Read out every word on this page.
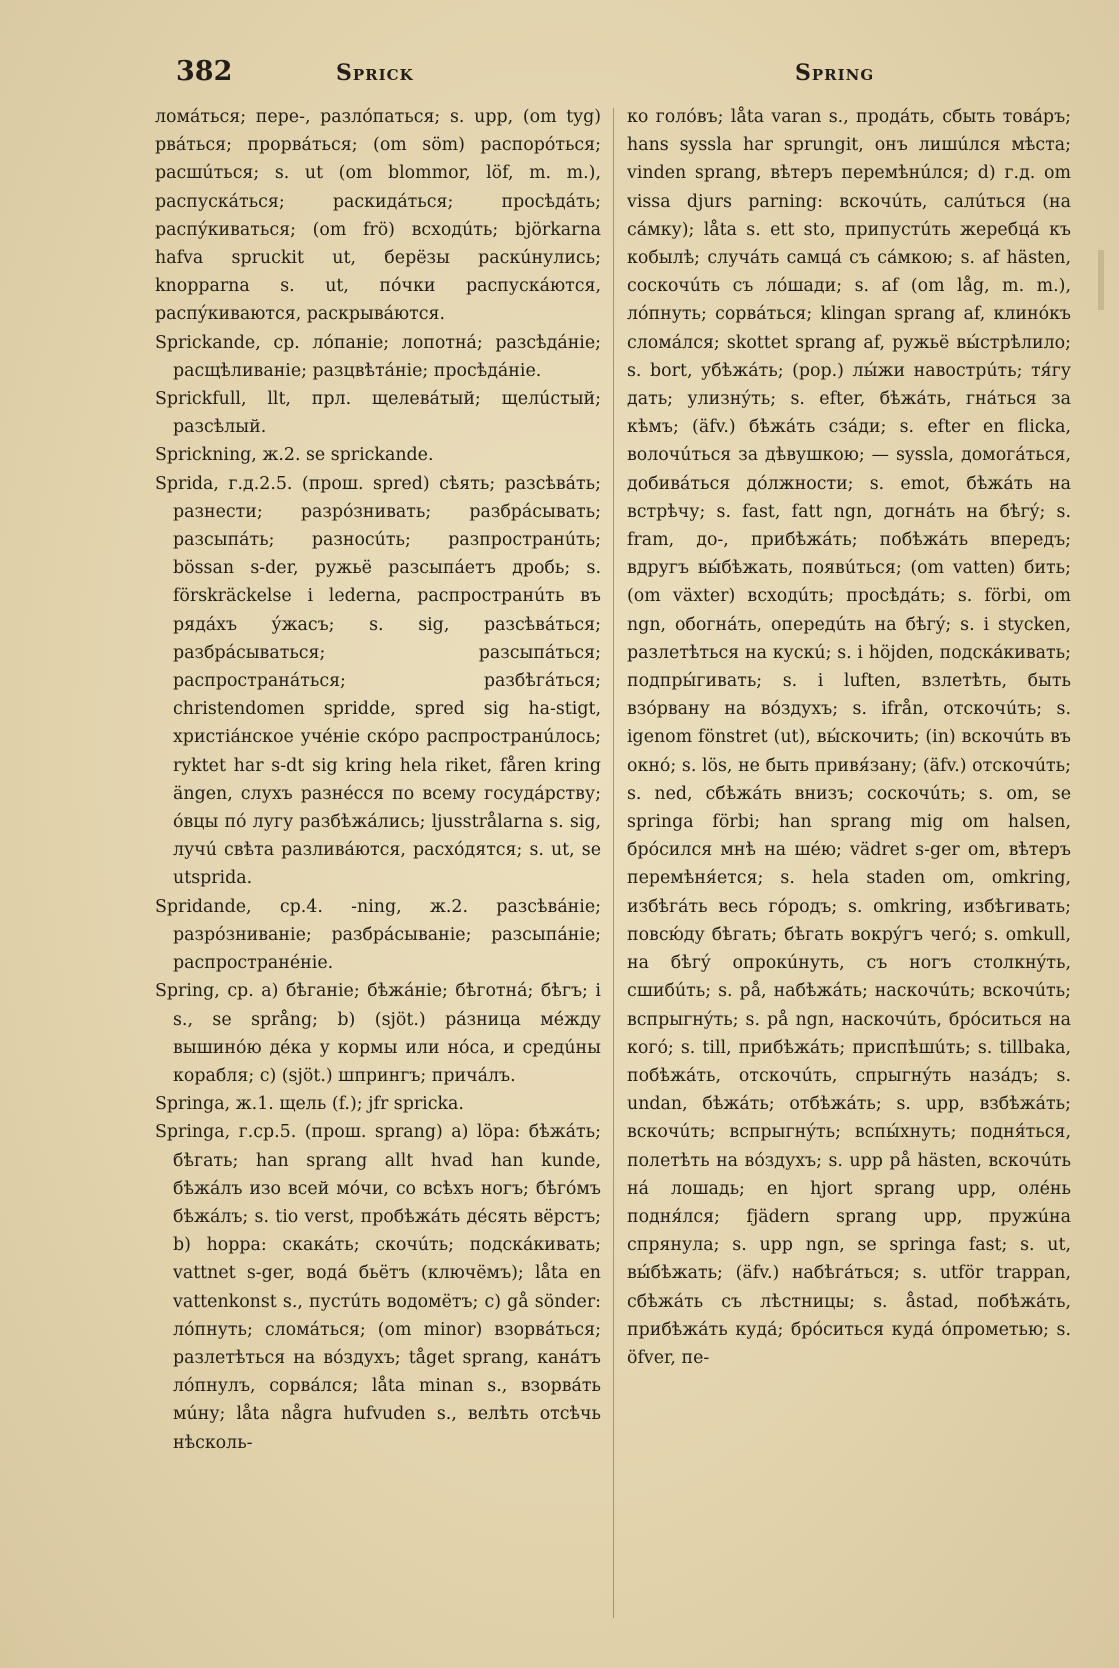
382	Sprick	Spring

ломáться; пере-, разлóпаться; s. upp, (om tyg) рвáться; прорвáться; (om söm) распорóться; расшúться; s. ut (om blommor, löf, m. m.), распускáться; раскидáться; просѣдáть; распýкиваться; (om frö) всходúть; björkarna hafva spruckit ut, берёзы раскúнулись; knopparna s. ut, пóчки распускáются, распýкиваются, раскрывáются.

Sprickande, ср. лóпаніе; лопотнá; разсѣдáніе; расщѣливаніе; разцвѣтáніе; просѣдáніе.

Sprickfull, llt, прл. щелевáтый; щелúстый; разсѣлый.

Sprickning, ж.2. se sprickande.

Sprida, г.д.2.5. (прош. spred) сѣять; разсѣвáть; разнести; разрóзнивать; разбрáсывать; разсыпáть; разносúть; разпространúть; bössan s-der, ружьё разсыпáетъ дробь; s. förskräckelse i lederna, распространúть въ рядáхъ ýжасъ; s. sig, разсѣвáться; разбрáсываться; разсыпáться; распространáться; разбѣгáться; christendomen spridde, spred sig ha-stigt, христiáнское учéніе скóро распространúлось; ryktet har s-dt sig kring hela riket, fåren kring ängen, слухъ разнéсся по всему госудáрству; óвцы пó лугу разбѣжáлись; ljusstrålarna s. sig, лучú свѣта разливáются, расхóдятся; s. ut, se utsprida.

Spridande, ср.4. -ning, ж.2. разсѣвáніе; разрóзниваніе; разбрáсываніе; разсыпáніе; распространéніе.

Spring, ср. a) бѣганіе; бѣжáніе; бѣготнá; бѣгъ; i s., se språng; b) (sjöt.) рáзница мéжду вышинóю дéка у кормы или нóса, и средúны корабля; c) (sjöt.) шпрингъ; причáлъ.

Springa, ж.1. щель (f.); jfr spricka.

Springa, г.ср.5. (прош. sprang) a) löpa: бѣжáть; бѣгать; han sprang allt hvad han kunde, бѣжáлъ изо всей мóчи, со всѣхъ ногъ; бѣгóмъ бѣжáлъ; s. tio verst, пробѣжáть дéсять вёрстъ; b) hoppa: скакáть; скочúть; подскáкивать; vattnet s-ger, водá бьётъ (ключёмъ); låta en vattenkonst s., пустúть водомётъ; c) gå sönder: лóпнуть; сломáться; (om minor) взорвáться; разлетѣться на вóздухъ; tåget sprang, канáтъ лóпнулъ, сорвáлся; låta minan s., взорвáть мúну; låta några hufvuden s., велѣть отсѣчь нѣсколь-

ко голóвъ; låta varan s., продáть, сбыть товáръ; hans syssla har sprungit, онъ лишúлся мѣста; vinden sprang, вѣтеръ перемѣнúлся; d) г.д. om vissa djurs parning: вскочúть, салúться (на сáмку); låta s. ett sto, припустúть жеребцá къ кобылѣ; случáть самцá съ сáмкою; s. af hästen, соскочúть съ лóшади; s. af (om låg, m. m.), лóпнуть; сорвáться; klingan sprang af, клинóкъ сломáлся; skottet sprang af, ружьё вы́стрѣлило; s. bort, убѣжáть; (pop.) лы́жи навострúть; тя́гу дать; улизнýть; s. efter, бѣжáть, гнáться за кѣмъ; (äfv.) бѣжáть сзáди; s. efter en flicka, волочúться за дѣвушкою; — syssla, домогáться, добивáться дóлжности; s. emot, бѣжáть на встрѣчу; s. fast, fatt ngn, догнáть на бѣгý; s. fram, до-, прибѣжáть; побѣжáть впередъ; вдругъ вы́бѣжать, появúться; (om vatten) бить; (om växter) всходúть; просѣдáть; s. förbi, om ngn, обогнáть, опередúть на бѣгý; s. i stycken, разлетѣться на кускú; s. i höjden, подскáкивать; подпры́гивать; s. i luften, взлетѣть, быть взóрвану на вóздухъ; s. ifrån, отскочúть; s. igenom fönstret (ut), вы́скочить; (in) вскочúть въ окнó; s. lös, не быть привя́зану; (äfv.) отскочúть; s. ned, сбѣжáть внизъ; соскочúть; s. om, se springa förbi; han sprang mig om halsen, брóсился мнѣ на шéю; vädret s-ger om, вѣтеръ перемѣня́ется; s. hela staden om, omkring, избѣгáть весь гóродъ; s. omkring, избѣгивать; повсю́ду бѣгать; бѣгать вокрýгъ чегó; s. omkull, на бѣгý опрокúнуть, съ ногъ столкнýть, сшибúть; s. på, набѣжáть; наскочúть; вскочúть; вспрыгнýть; s. på ngn, наскочúть, брóситься на когó; s. till, прибѣжáть; приспѣшúть; s. tillbaka, побѣжáть, отскочúть, спрыгнýть назáдъ; s. undan, бѣжáть; отбѣжáть; s. upp, взбѣжáть; вскочúть; вспрыгнýть; вспы́хнуть; подня́ться, полетѣть на вóздухъ; s. upp på hästen, вскочúть нá лошадь; en hjort sprang upp, олéнь подня́лся; fjädern sprang upp, пружúна спрянула; s. upp ngn, se springa fast; s. ut, вы́бѣжать; (äfv.) набѣгáться; s. utför trappan, сбѣжáть съ лѣстницы; s. åstad, побѣжáть, прибѣжáть кудá; брóситься кудá óпрометью; s. öfver, пе-
